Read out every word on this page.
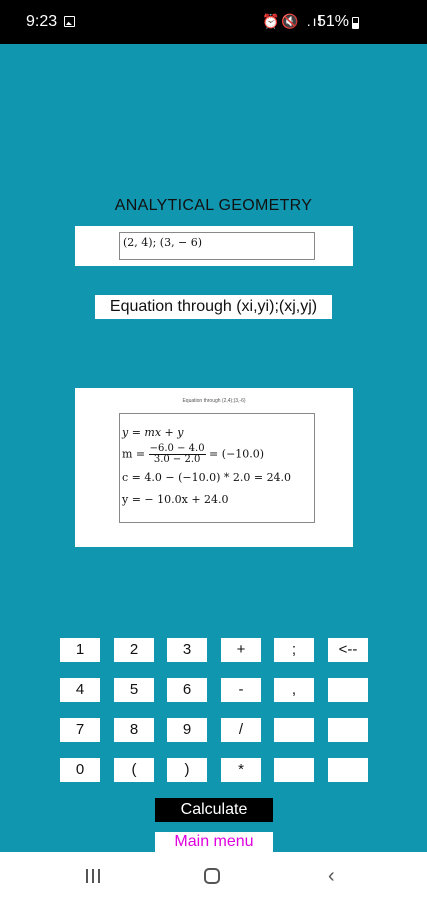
9:23	⏰🔇 .ıl
51%
ANALYTICAL GEOMETRY
(2, 4); (3, − 6)
Equation through (xi,yi);(xj,yj)
Equation through (2,4);(3,-6)
y = mx + y
$m = \frac{-6.0 - 4.0}{3.0 - 2.0} = (-10.0)$
c = 4.0 − (−10.0) * 2.0 = 24.0
y = − 10.0x + 24.0
1	2	3	+	;	<--
4	5	6	-	,
7	8	9	/
0	(	)	*
Calculate
Main menu
‹
